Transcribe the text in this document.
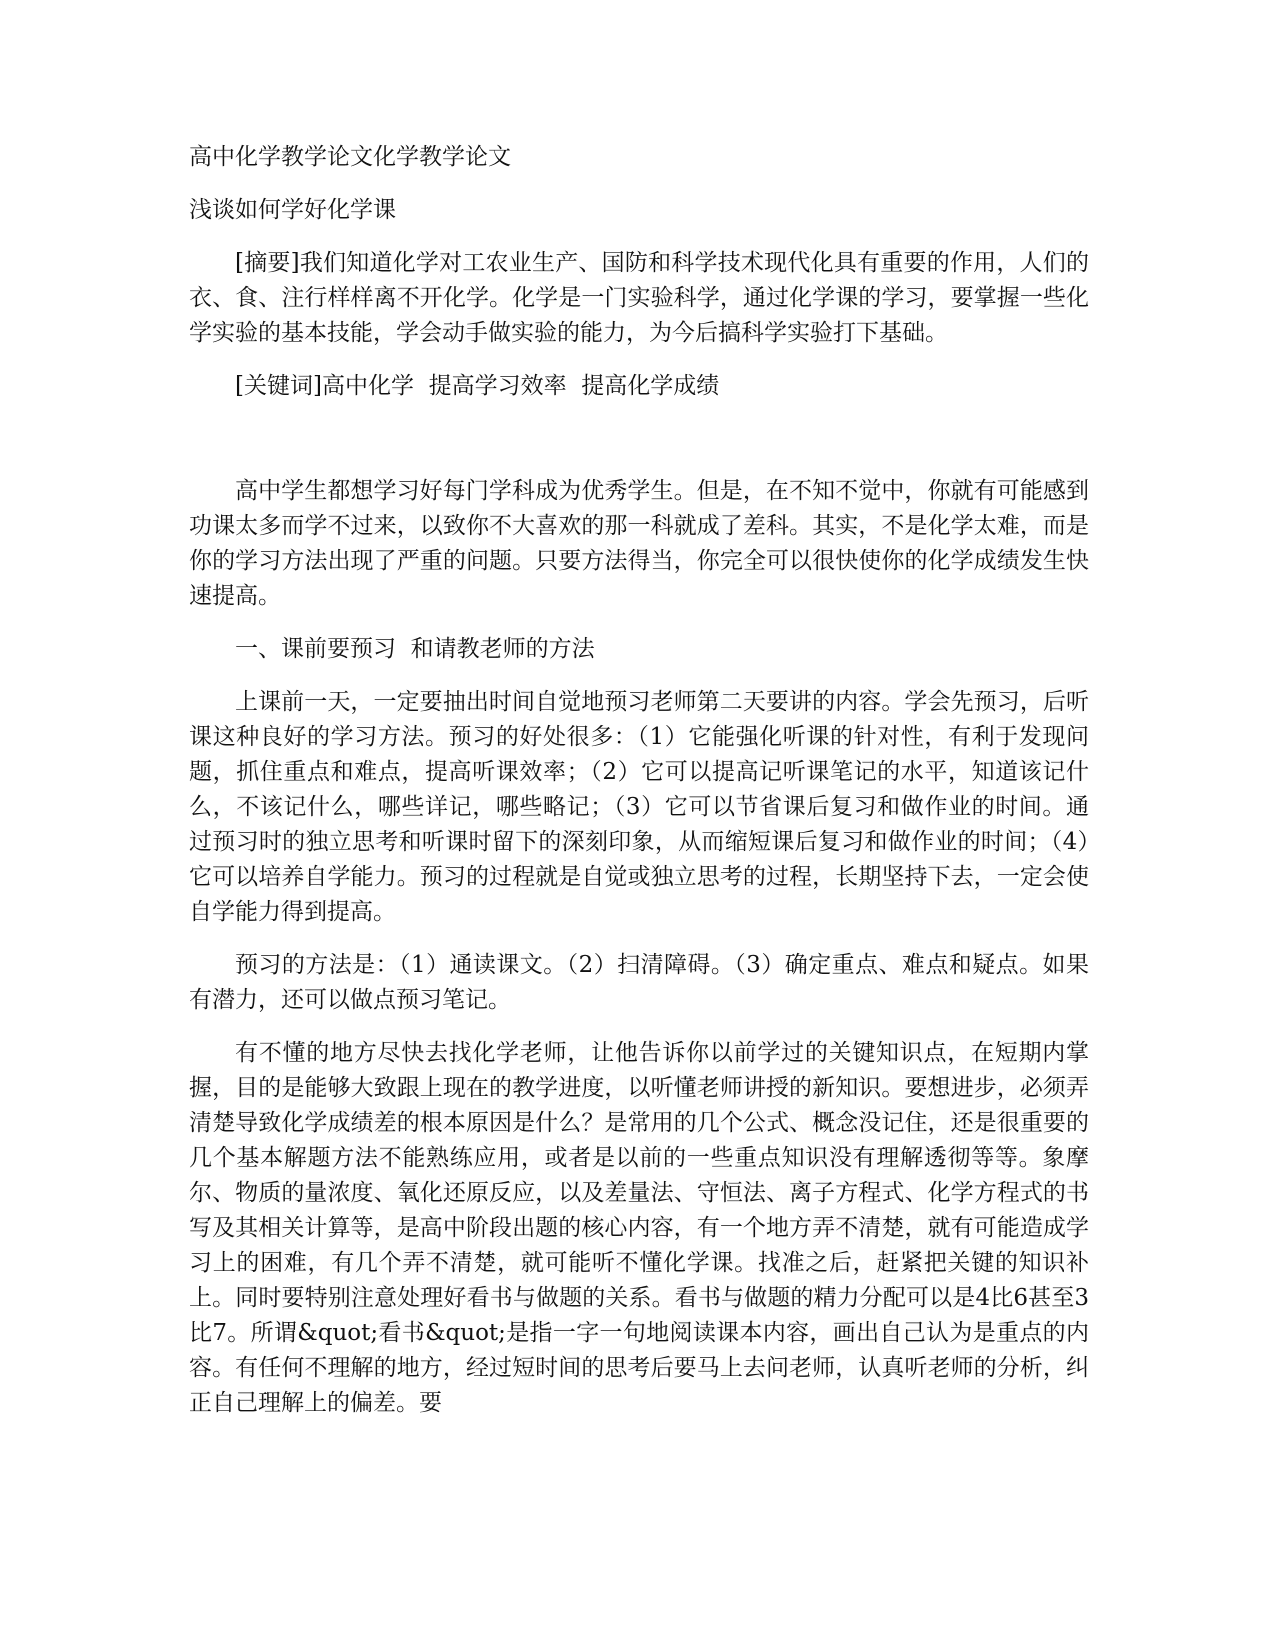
高中化学教学论文化学教学论文
浅谈如何学好化学课
[摘要]我们知道化学对工农业生产、国防和科学技术现代化具有重要的作用，人们的衣、食、注行样样离不开化学。化学是一门实验科学，通过化学课的学习，要掌握一些化学实验的基本技能，学会动手做实验的能力，为今后搞科学实验打下基础。
[关键词]高中化学  提高学习效率  提高化学成绩
高中学生都想学习好每门学科成为优秀学生。但是，在不知不觉中，你就有可能感到功课太多而学不过来，以致你不大喜欢的那一科就成了差科。其实，不是化学太难，而是你的学习方法出现了严重的问题。只要方法得当，你完全可以很快使你的化学成绩发生快速提高。
一、课前要预习  和请教老师的方法
上课前一天，一定要抽出时间自觉地预习老师第二天要讲的内容。学会先预习，后听课这种良好的学习方法。预习的好处很多：（1）它能强化听课的针对性，有利于发现问题，抓住重点和难点，提高听课效率；（2）它可以提高记听课笔记的水平，知道该记什么，不该记什么，哪些详记，哪些略记；（3）它可以节省课后复习和做作业的时间。通过预习时的独立思考和听课时留下的深刻印象，从而缩短课后复习和做作业的时间；（4）它可以培养自学能力。预习的过程就是自觉或独立思考的过程，长期坚持下去，一定会使自学能力得到提高。
预习的方法是：（1）通读课文。（2）扫清障碍。（3）确定重点、难点和疑点。如果有潜力，还可以做点预习笔记。
有不懂的地方尽快去找化学老师，让他告诉你以前学过的关键知识点，在短期内掌握，目的是能够大致跟上现在的教学进度，以听懂老师讲授的新知识。要想进步，必须弄清楚导致化学成绩差的根本原因是什么？是常用的几个公式、概念没记住，还是很重要的几个基本解题方法不能熟练应用，或者是以前的一些重点知识没有理解透彻等等。象摩尔、物质的量浓度、氧化还原反应，以及差量法、守恒法、离子方程式、化学方程式的书写及其相关计算等，是高中阶段出题的核心内容，有一个地方弄不清楚，就有可能造成学习上的困难，有几个弄不清楚，就可能听不懂化学课。找准之后，赶紧把关键的知识补上。同时要特别注意处理好看书与做题的关系。看书与做题的精力分配可以是4比6甚至3比7。所谓&quot;看书&quot;是指一字一句地阅读课本内容，画出自己认为是重点的内容。有任何不理解的地方，经过短时间的思考后要马上去问老师，认真听老师的分析，纠正自己理解上的偏差。要
